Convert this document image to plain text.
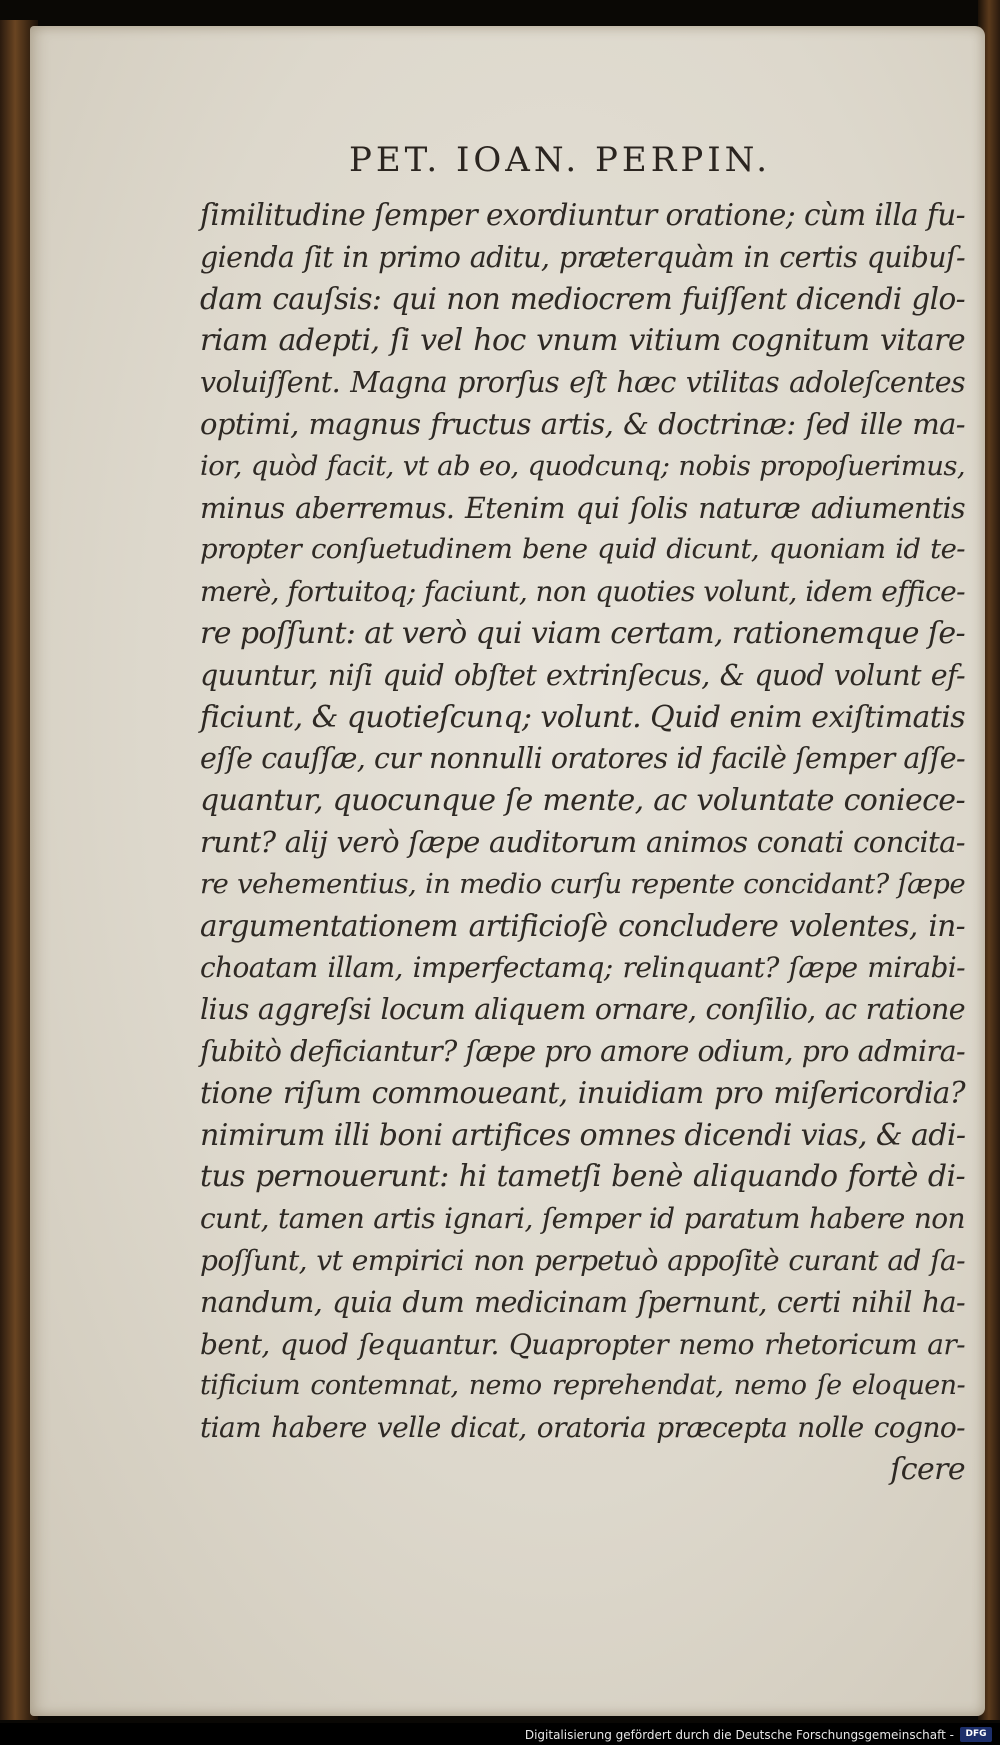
PET. IOAN. PERPIN.
ſimilitudine ſemper exordiuntur oratione; cùm illa fu-
gienda ſit in primo aditu, præterquàm in certis quibuſ-
dam cauſsis: qui non mediocrem fuiſſent dicendi glo-
riam adepti, ſi vel hoc vnum vitium cognitum vitare
voluiſſent. Magna prorſus eſt hæc vtilitas adoleſcentes
optimi, magnus fructus artis, & doctrinæ: ſed ille ma-
ior, quòd facit, vt ab eo, quodcunq; nobis propoſuerimus,
minus aberremus. Etenim qui ſolis naturæ adiumentis
propter conſuetudinem bene quid dicunt, quoniam id te-
merè, fortuitoq; faciunt, non quoties volunt, idem effice-
re poſſunt: at verò qui viam certam, rationemque ſe-
quuntur, niſi quid obſtet extrinſecus, & quod volunt ef-
ficiunt, & quotieſcunq; volunt. Quid enim exiſtimatis
eſſe cauſſæ, cur nonnulli oratores id facilè ſemper aſſe-
quantur, quocunque ſe mente, ac voluntate coniece-
runt? alij verò ſæpe auditorum animos conati concita-
re vehementius, in medio curſu repente concidant? ſæpe
argumentationem artificioſè concludere volentes, in-
choatam illam, imperfectamq; relinquant? ſæpe mirabi-
lius aggreſsi locum aliquem ornare, conſilio, ac ratione
ſubitò deficiantur? ſæpe pro amore odium, pro admira-
tione riſum commoueant, inuidiam pro miſericordia?
nimirum illi boni artifices omnes dicendi vias, & adi-
tus pernouerunt: hi tametſi benè aliquando fortè di-
cunt, tamen artis ignari, ſemper id paratum habere non
poſſunt, vt empirici non perpetuò appoſitè curant ad ſa-
nandum, quia dum medicinam ſpernunt, certi nihil ha-
bent, quod ſequantur. Quapropter nemo rhetoricum ar-
tificium contemnat, nemo reprehendat, nemo ſe eloquen-
tiam habere velle dicat, oratoria præcepta nolle cogno-
ſcere
Digitalisierung gefördert durch die Deutsche Forschungsgemeinschaft -	DFG
